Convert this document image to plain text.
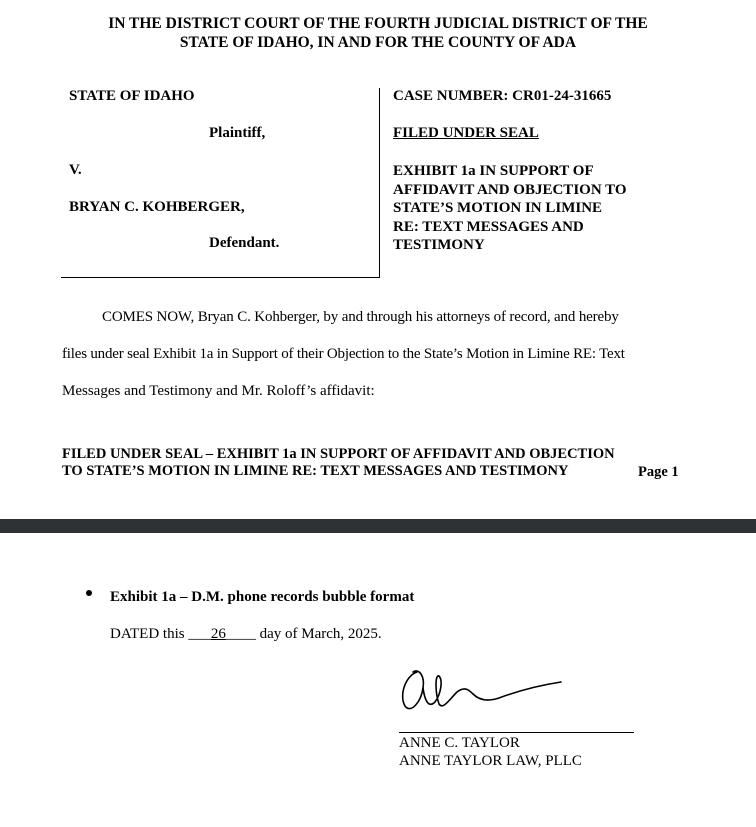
IN THE DISTRICT COURT OF THE FOURTH JUDICIAL DISTRICT OF THE
STATE OF IDAHO, IN AND FOR THE COUNTY OF ADA
STATE OF IDAHO
Plaintiff,
V.
BRYAN C. KOHBERGER,
Defendant.
CASE NUMBER: CR01-24-31665
FILED UNDER SEAL
EXHIBIT 1a IN SUPPORT OF
AFFIDAVIT AND OBJECTION TO
STATE’S MOTION IN LIMINE
RE: TEXT MESSAGES AND
TESTIMONY
COMES NOW, Bryan C. Kohberger, by and through his attorneys of record, and hereby
files under seal Exhibit 1a in Support of their Objection to the State’s Motion in Limine RE: Text
Messages and Testimony and Mr. Roloff’s affidavit:
FILED UNDER SEAL – EXHIBIT 1a IN SUPPORT OF AFFIDAVIT AND OBJECTION
TO STATE’S MOTION IN LIMINE RE: TEXT MESSAGES AND TESTIMONY	Page 1
Exhibit 1a – D.M. phone records bubble format
DATED this ___26____ day of March, 2025.
ANNE C. TAYLOR
ANNE TAYLOR LAW, PLLC
